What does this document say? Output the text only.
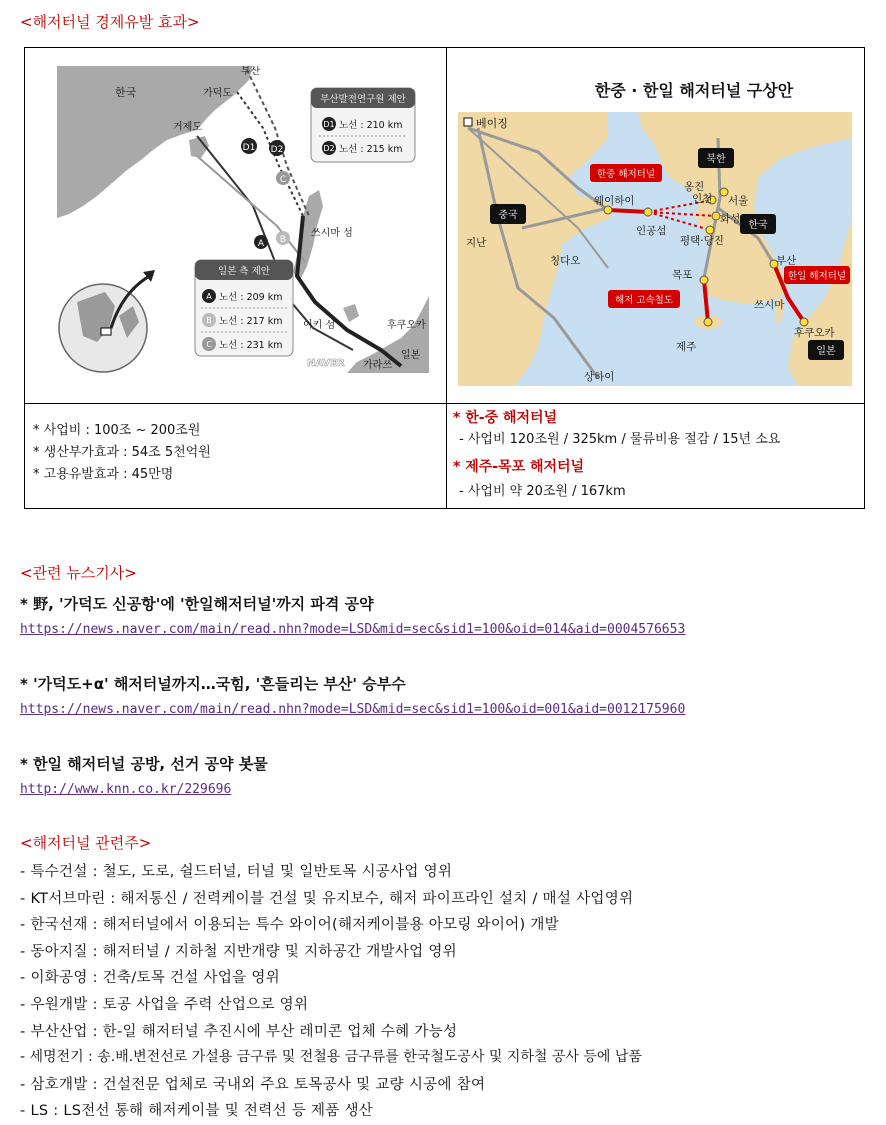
<해저터널 경제유발 효과>
D1 D2
C
B
A
한국
부산
가덕도
거제도
쓰시마 섬
이키 섬	후쿠오카
가라쓰
일본
NAVER
부산발전연구원 제안
D1 노선 : 210 km
D2 노선 : 215 km
일본 측 제안
A 노선 : 209 km
B 노선 : 217 km
C 노선 : 231 km
한중 · 한일 해저터널 구상안
베이징
중국
북한
한국
일본
한중 해저터널
한일 해저터널
해저 고속철도
웨이하이
지난
칭다오
상하이
옹진
인천 서울
화성
인공섬
평택·당진
목포
제주
부산
쓰시마
후쿠오카
* 사업비 : 100조 ~ 200조원
* 생산부가효과 : 54조 5천억원
* 고용유발효과 : 45만명
* 한-중 해저터널
- 사업비 120조원 / 325km / 물류비용 절감 / 15년 소요
* 제주-목포 해저터널
- 사업비 약 20조원 / 167km
<관련 뉴스기사>
* 野, '가덕도 신공항'에 '한일해저터널'까지 파격 공약
https://news.naver.com/main/read.nhn?mode=LSD&mid=sec&sid1=100&oid=014&aid=0004576653
* '가덕도+α' 해저터널까지…국힘, '흔들리는 부산' 승부수
https://news.naver.com/main/read.nhn?mode=LSD&mid=sec&sid1=100&oid=001&aid=0012175960
* 한일 해저터널 공방, 선거 공약 봇물
http://www.knn.co.kr/229696
<해저터널 관련주>
- 특수건설 : 철도, 도로, 쉴드터널, 터널 및 일반토목 시공사업 영위
- KT서브마린 : 해저통신 / 전력케이블 건설 및 유지보수, 해저 파이프라인 설치 / 매설 사업영위
- 한국선재 : 해저터널에서 이용되는 특수 와이어(해저케이블용 아모링 와이어) 개발
- 동아지질 : 해저터널 / 지하철 지반개량 및 지하공간 개발사업 영위
- 이화공영 : 건축/토목 건설 사업을 영위
- 우원개발 : 토공 사업을 주력 산업으로 영위
- 부산산업 : 한-일 해저터널 추진시에 부산 레미콘 업체 수혜 가능성
- 세명전기 : 송.배.변전선로 가설용 금구류 및 전철용 금구류를 한국철도공사 및 지하철 공사 등에 납품
- 삼호개발 : 건설전문 업체로 국내외 주요 토목공사 및 교량 시공에 참여
- LS : LS전선 통해 해저케이블 및 전력선 등 제품 생산
